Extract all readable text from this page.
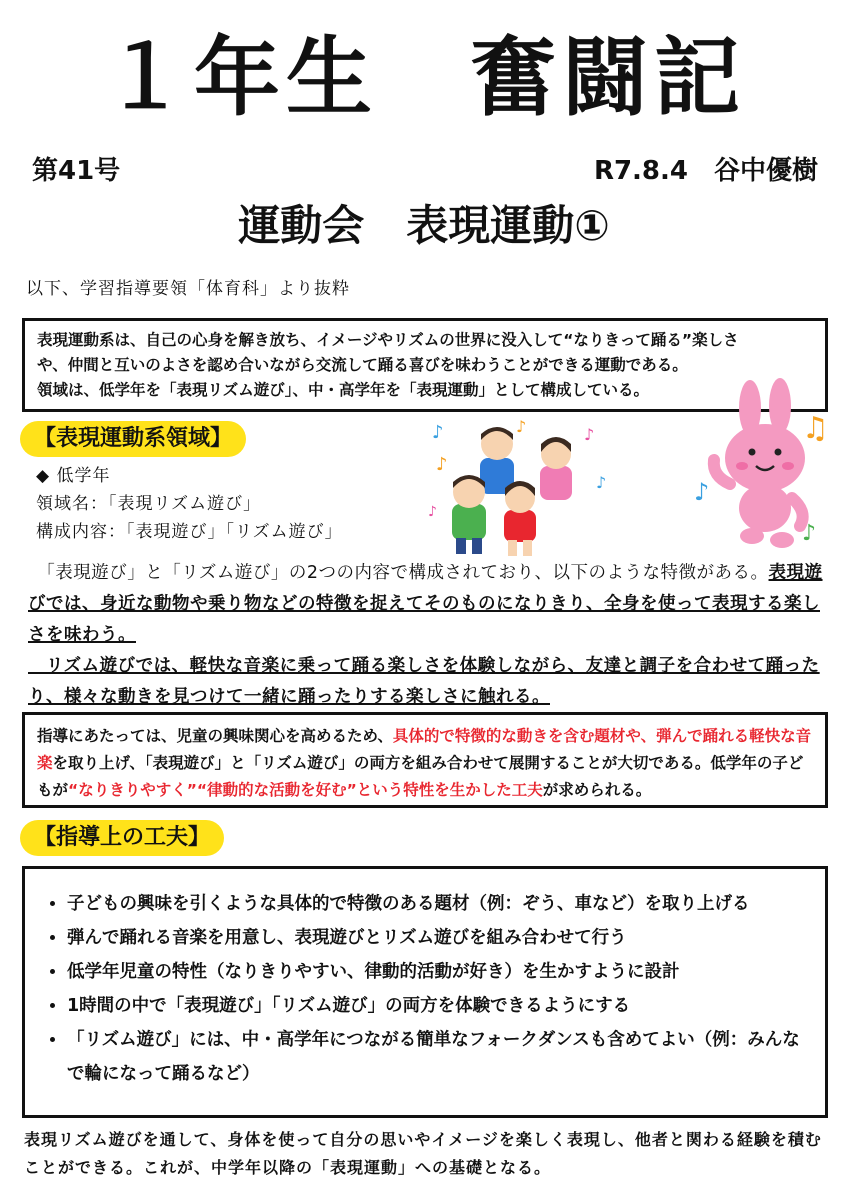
１年生　奮闘記
第41号	R7.8.4　谷中優樹
運動会　表現運動①
以下、学習指導要領「体育科」より抜粋
表現運動系は、自己の心身を解き放ち、イメージやリズムの世界に没入して“なりきって踊る”楽しさ
や、仲間と互いのよさを認め合いながら交流して踊る喜びを味わうことができる運動である。
領域は、低学年を「表現リズム遊び」、中・高学年を「表現運動」として構成している。
【表現運動系領域】
◆ 低学年
領域名：「表現リズム遊び」
構成内容：「表現遊び」「リズム遊び」
♪	♪
♪
♪
♪
♪
♫
♪
♪
　「表現遊び」と「リズム遊び」の2つの内容で構成されており、以下のような特徴がある。表現遊びでは、身近な動物や乗り物などの特徴を捉えてそのものになりきり、全身を使って表現する楽しさを味わう。
　リズム遊びでは、軽快な音楽に乗って踊る楽しさを体験しながら、友達と調子を合わせて踊ったり、様々な動きを見つけて一緒に踊ったりする楽しさに触れる。
指導にあたっては、児童の興味関心を高めるため、具体的で特徴的な動きを含む題材や、弾んで踊れる軽快な音楽を取り上げ、「表現遊び」と「リズム遊び」の両方を組み合わせて展開することが大切である。低学年の子どもが“なりきりやすく”“律動的な活動を好む”という特性を生かした工夫が求められる。
【指導上の工夫】
• 子どもの興味を引くような具体的で特徴のある題材（例：ぞう、車など）を取り上げる
• 弾んで踊れる音楽を用意し、表現遊びとリズム遊びを組み合わせて行う
• 低学年児童の特性（なりきりやすい、律動的活動が好き）を生かすように設計
• 1時間の中で「表現遊び」「リズム遊び」の両方を体験できるようにする
• 「リズム遊び」には、中・高学年につながる簡単なフォークダンスも含めてよい（例：みんなで輪になって踊るなど）
表現リズム遊びを通して、身体を使って自分の思いやイメージを楽しく表現し、他者と関わる経験を積むことができる。これが、中学年以降の「表現運動」への基礎となる。
